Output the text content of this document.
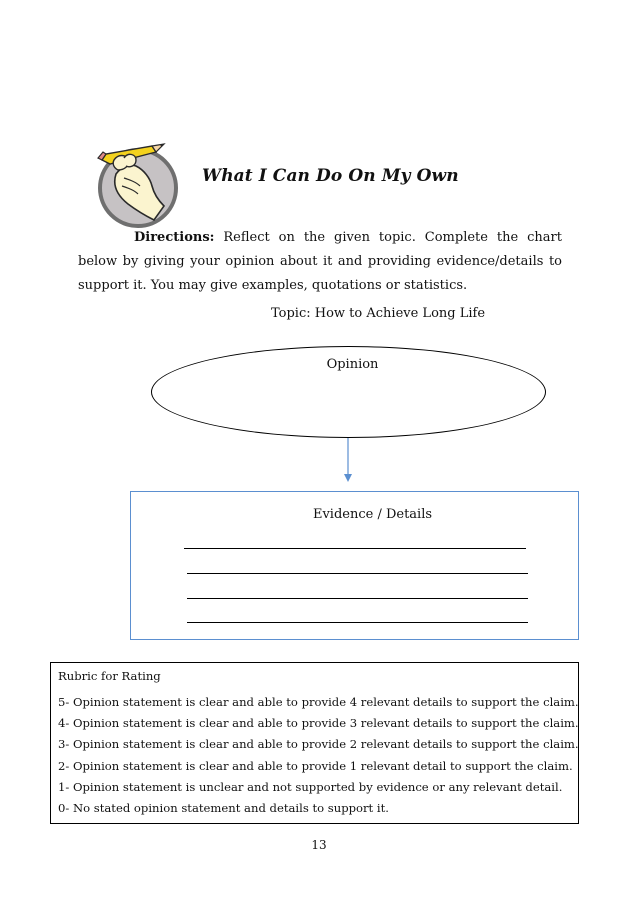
What I Can Do On My Own
Directions: Reflect on the given topic. Complete the chart below by giving your opinion about it and providing evidence/details to support it. You may give examples, quotations or statistics.
Topic: How to Achieve Long Life
Opinion
Evidence / Details
Rubric for Rating
5- Opinion statement is clear and able to provide 4 relevant details to support the claim.
4- Opinion statement is clear and able to provide 3 relevant details to support the claim.
3- Opinion statement is clear and able to provide 2 relevant details to support the claim.
2- Opinion statement is clear and able to provide 1 relevant detail to support the claim.
1- Opinion statement is unclear and not supported by evidence or any relevant detail.
0- No stated opinion statement and details to support it.
13
